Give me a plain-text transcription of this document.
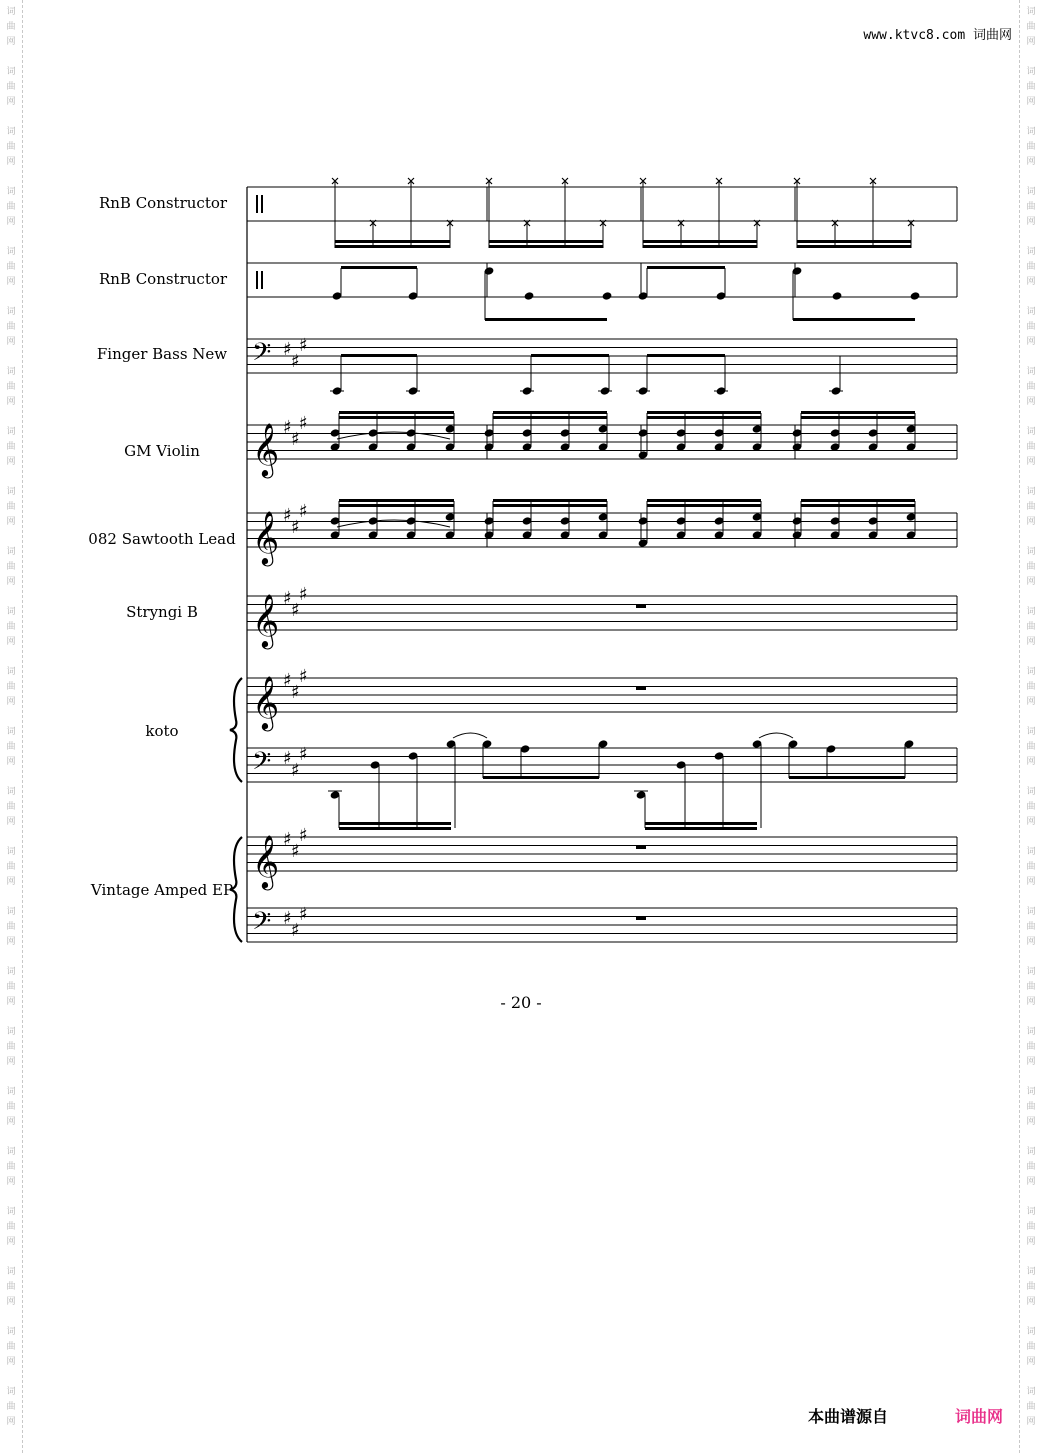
词
曲
网
词
曲
网
词
曲
网
词
曲
网
词
曲
网
词
曲
网
词
曲
网
词
曲
网
词
曲
网
词
曲
网
词
曲
网
词
曲
网
词
曲
网
词
曲
网
词
曲
网
词
曲
网
词
曲
网
词
曲
网
词
曲
网
词
曲
网
词
曲
网
词
曲
网
词
曲
网
词
曲
网
词
曲
网
词
曲
网
词
曲
网
词
曲
网
词
曲
网
词
曲
网
词
曲
网
词
曲
网
词
曲
网
词
曲
网
词
曲
网
词
曲
网
词
曲
网
词
曲
网
词
曲
网
词
曲
网
词
曲
网
词
曲
网
词
曲
网
词
曲
网
词
曲
网
词
曲
网
词
曲
网
词
曲
网
www.ktvc8.com 词曲网
RnB Constructor
RnB Constructor
Finger Bass New
GM Violin
082 Sawtooth Lead
Stryngi B
koto
Vintage Amped EP
𝄞
𝄞
𝄞
𝄞
𝄞
𝄢
𝄢
𝄢
♯
♯
♯
♯
♯
♯
♯
♯
♯
♯
♯
♯
♯
♯
♯
♯
♯
♯
♯
♯
♯
♯
♯
♯
- 20 -
本曲谱源自	词曲网
